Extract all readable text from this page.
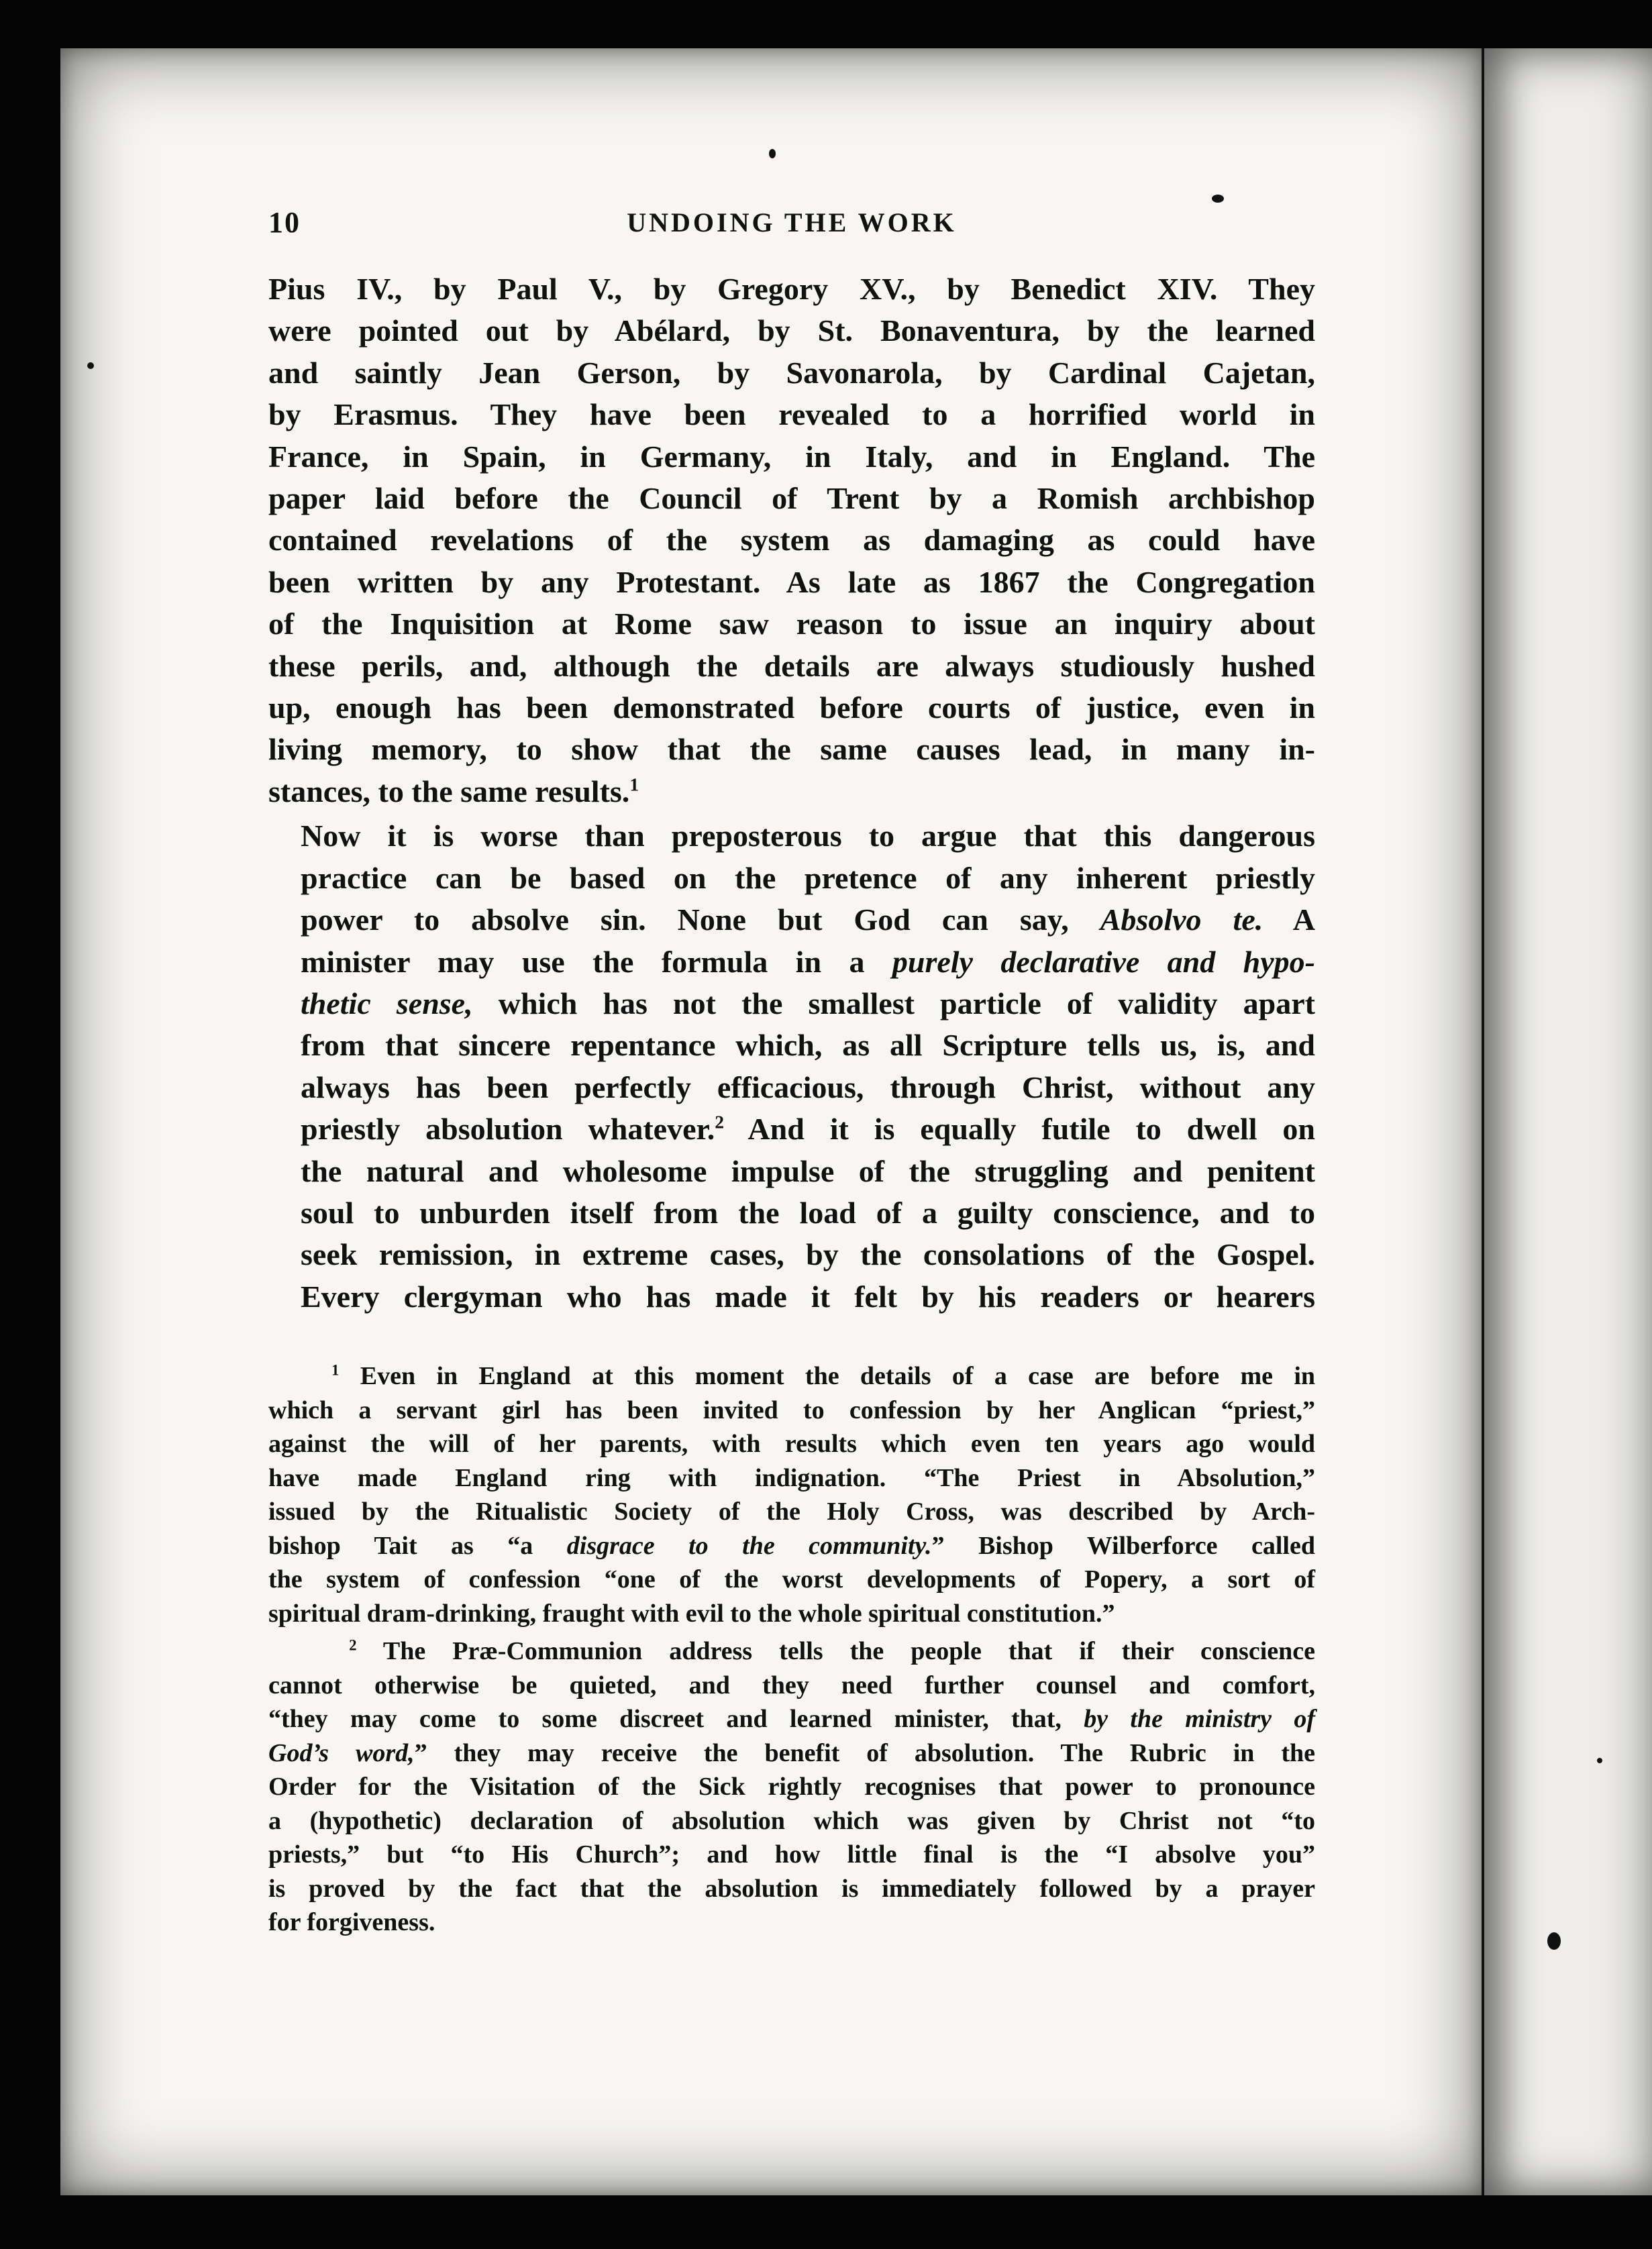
10	UNDOING THE WORK

Pius IV., by Paul V., by Gregory XV., by Benedict XIV. They
were pointed out by Abélard, by St. Bonaventura, by the learned
and saintly Jean Gerson, by Savonarola, by Cardinal Cajetan,
by Erasmus. They have been revealed to a horrified world in
France, in Spain, in Germany, in Italy, and in England. The
paper laid before the Council of Trent by a Romish archbishop
contained revelations of the system as damaging as could have
been written by any Protestant. As late as 1867 the Congregation
of the Inquisition at Rome saw reason to issue an inquiry about
these perils, and, although the details are always studiously hushed
up, enough has been demonstrated before courts of justice, even in
living memory, to show that the same causes lead, in many in-
stances, to the same results.$^1$

Now it is worse than preposterous to argue that this dangerous
practice can be based on the pretence of any inherent priestly
power to absolve sin. None but God can say, Absolvo te. A
minister may use the formula in a purely declarative and hypo-
thetic sense, which has not the smallest particle of validity apart
from that sincere repentance which, as all Scripture tells us, is, and
always has been perfectly efficacious, through Christ, without any
priestly absolution whatever.$^2$ And it is equally futile to dwell on
the natural and wholesome impulse of the struggling and penitent
soul to unburden itself from the load of a guilty conscience, and to
seek remission, in extreme cases, by the consolations of the Gospel.
Every clergyman who has made it felt by his readers or hearers

$^1$ Even in England at this moment the details of a case are before me in
which a servant girl has been invited to confession by her Anglican “priest,”
against the will of her parents, with results which even ten years ago would
have made England ring with indignation. “The Priest in Absolution,”
issued by the Ritualistic Society of the Holy Cross, was described by Arch-
bishop Tait as “a disgrace to the community.” Bishop Wilberforce called
the system of confession “one of the worst developments of Popery, a sort of
spiritual dram-drinking, fraught with evil to the whole spiritual constitution.”
$^2$ The Præ-Communion address tells the people that if their conscience
cannot otherwise be quieted, and they need further counsel and comfort,
“they may come to some discreet and learned minister, that, by the ministry of
God’s word,” they may receive the benefit of absolution. The Rubric in the
Order for the Visitation of the Sick rightly recognises that power to pronounce
a (hypothetic) declaration of absolution which was given by Christ not “to
priests,” but “to His Church”; and how little final is the “I absolve you”
is proved by the fact that the absolution is immediately followed by a prayer
for forgiveness.
